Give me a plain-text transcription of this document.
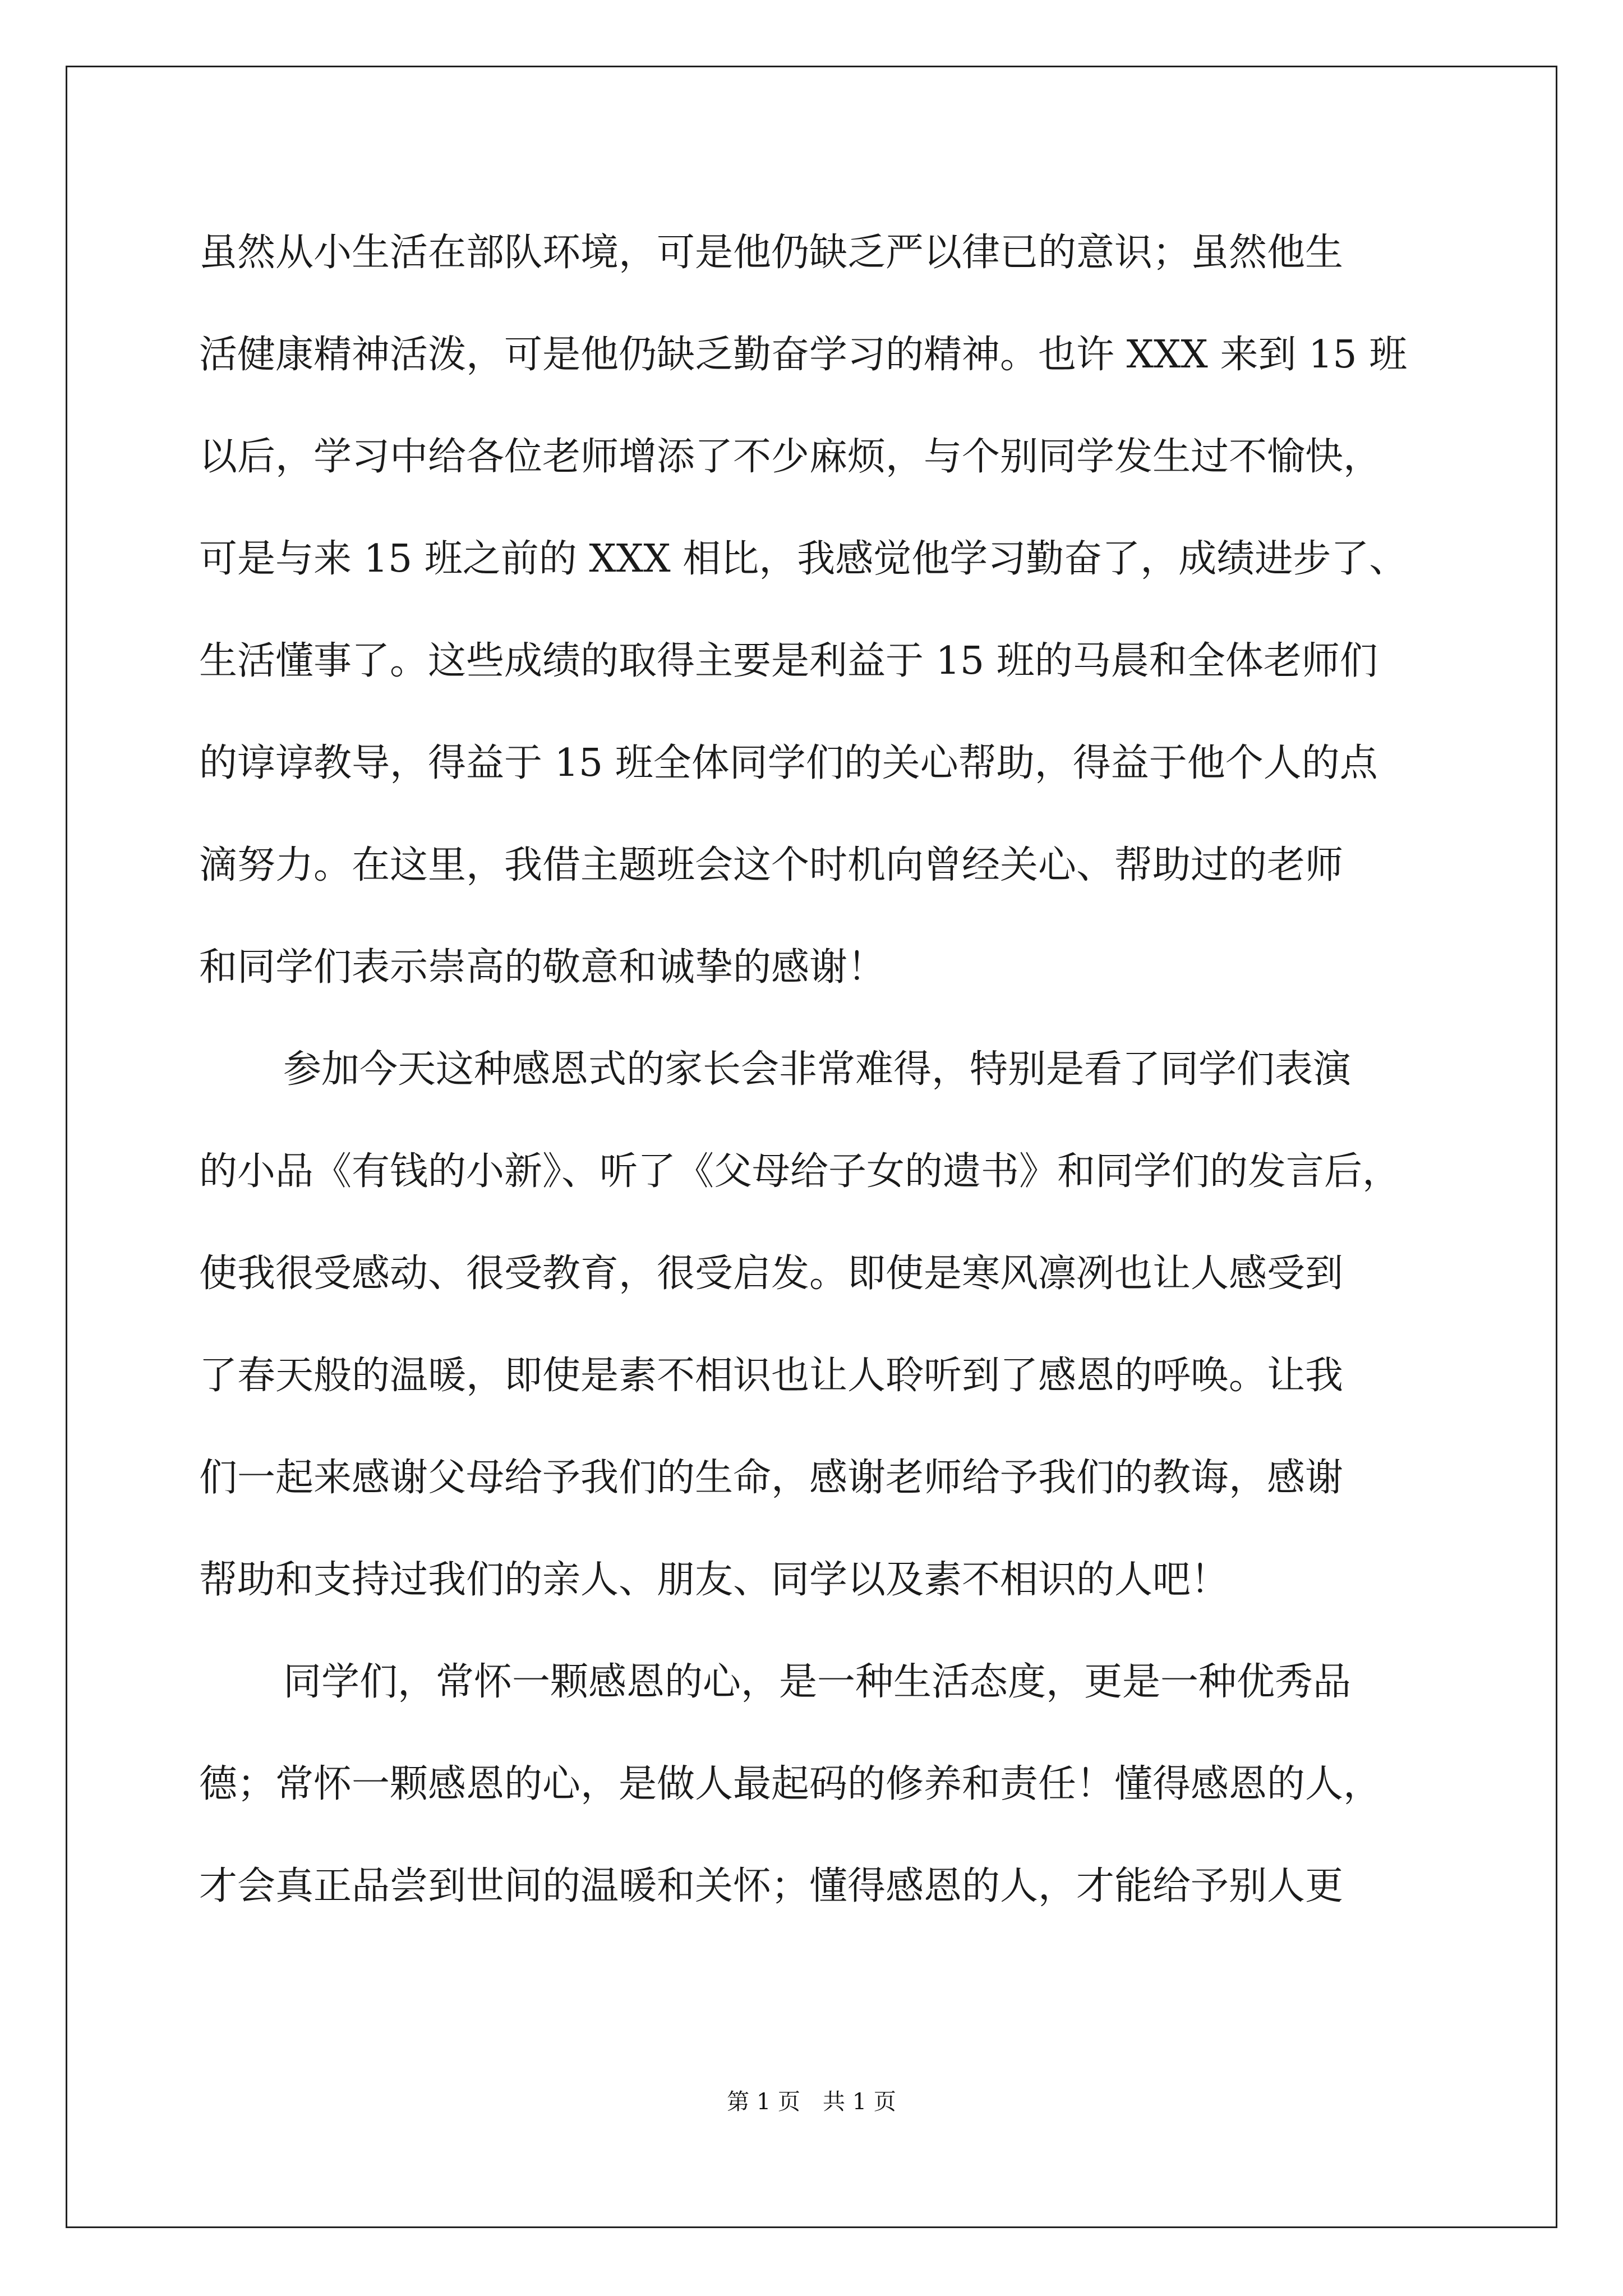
虽然从小生活在部队环境，可是他仍缺乏严以律已的意识；虽然他生
活健康精神活泼，可是他仍缺乏勤奋学习的精神。也许 XXX 来到 15 班
以后，学习中给各位老师增添了不少麻烦，与个别同学发生过不愉快，
可是与来 15 班之前的 XXX 相比，我感觉他学习勤奋了，成绩进步了、
生活懂事了。这些成绩的取得主要是利益于 15 班的马晨和全体老师们
的谆谆教导，得益于 15 班全体同学们的关心帮助，得益于他个人的点
滴努力。在这里，我借主题班会这个时机向曾经关心、帮助过的老师
和同学们表示崇高的敬意和诚挚的感谢！
参加今天这种感恩式的家长会非常难得，特别是看了同学们表演
的小品《有钱的小新》、听了《父母给子女的遗书》和同学们的发言后，
使我很受感动、很受教育，很受启发。即使是寒风凛冽也让人感受到
了春天般的温暖，即使是素不相识也让人聆听到了感恩的呼唤。让我
们一起来感谢父母给予我们的生命，感谢老师给予我们的教诲，感谢
帮助和支持过我们的亲人、朋友、同学以及素不相识的人吧！
同学们，常怀一颗感恩的心，是一种生活态度，更是一种优秀品
德；常怀一颗感恩的心，是做人最起码的修养和责任！懂得感恩的人，
才会真正品尝到世间的温暖和关怀；懂得感恩的人，才能给予别人更
第 1 页　共 1 页
